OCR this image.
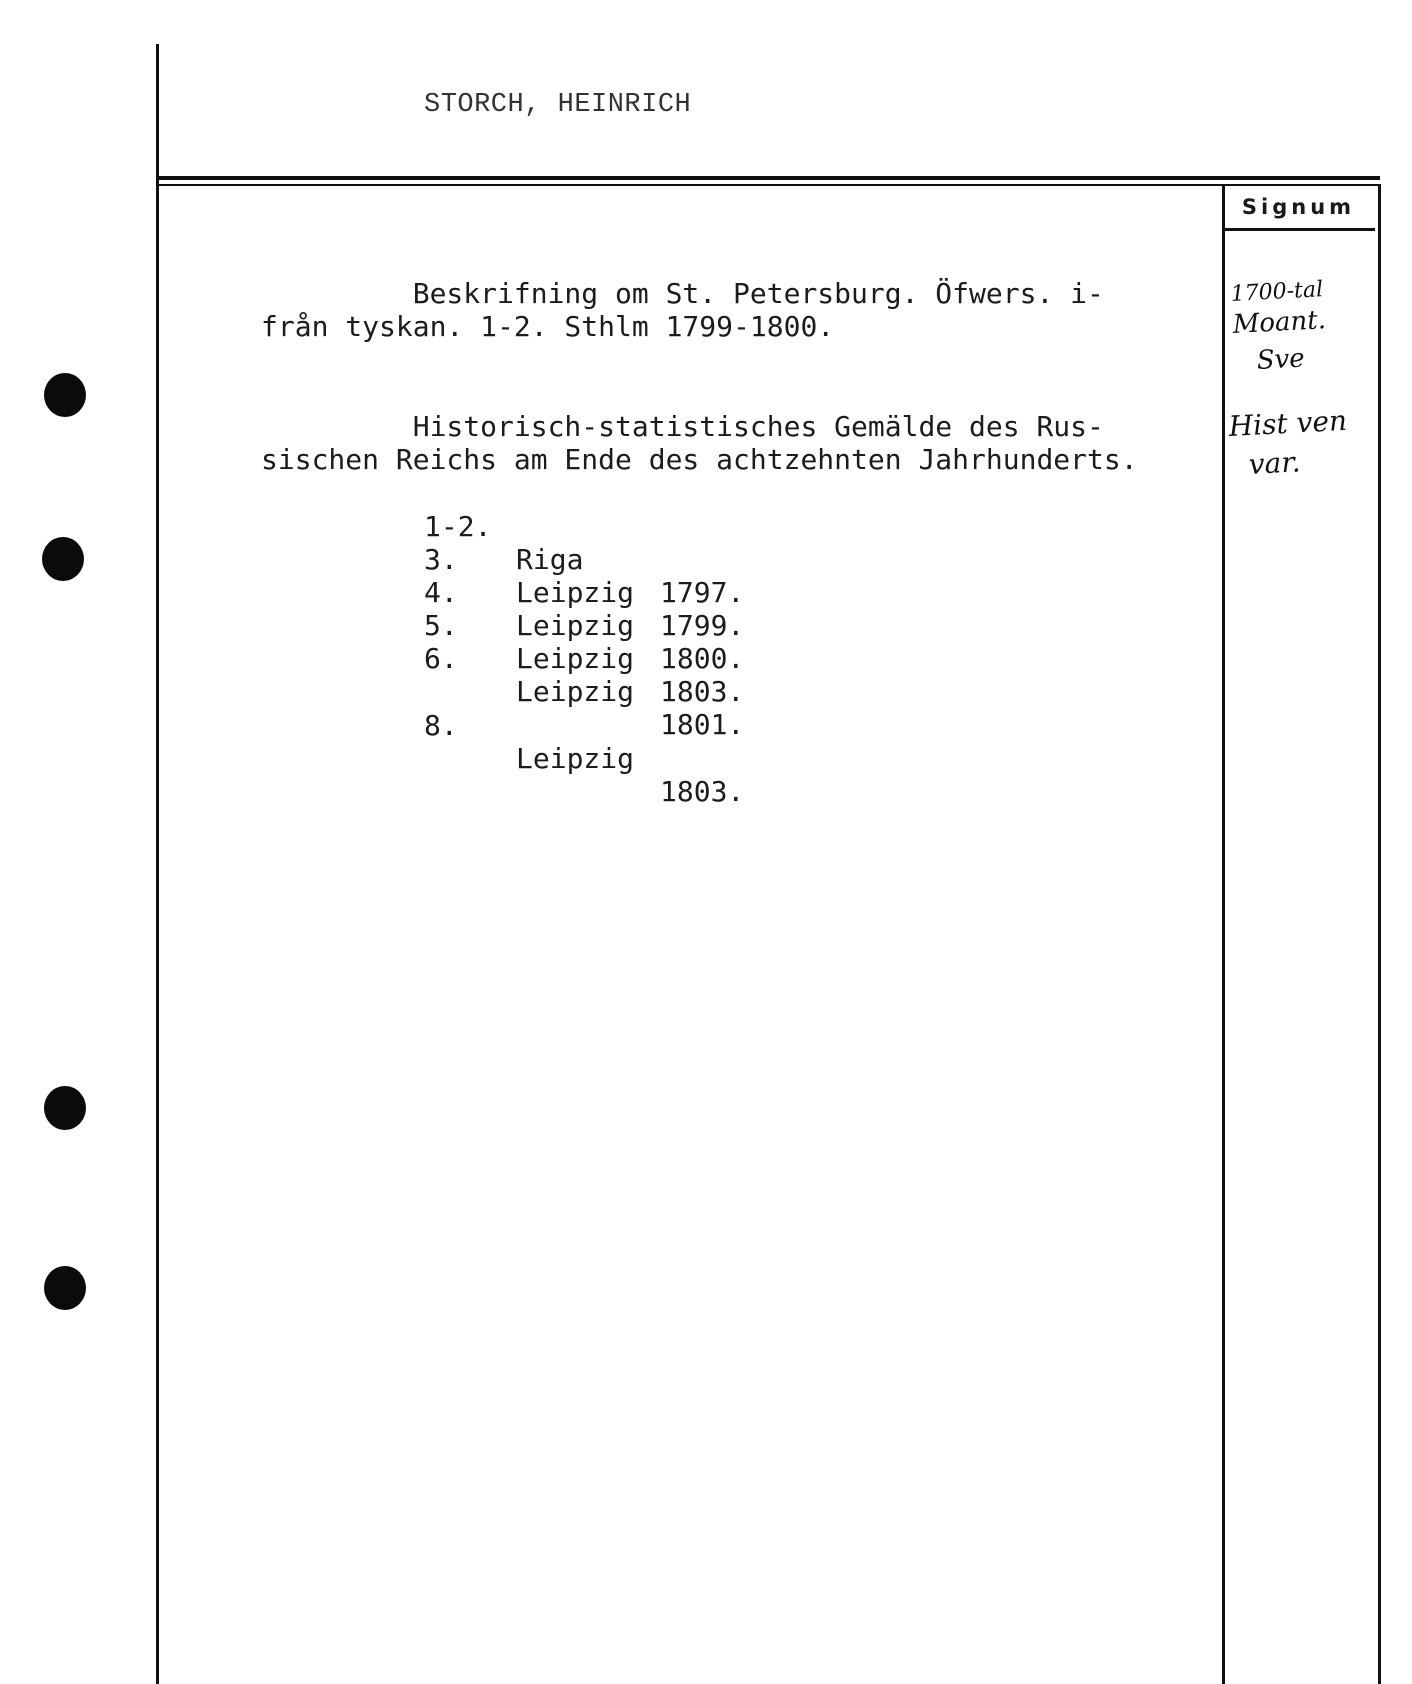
STORCH, HEINRICH
Signum
Beskrifning om St. Petersburg. Öfwers. i-
från tyskan. 1-2. Sthlm 1799-1800.
1700-tal
Moant.
Sve
Historisch-statistisches Gemälde des Rus-
sischen Reichs am Ende des achtzehnten Jahrhunderts.
Hist ven
var.

1-2.

Riga

1797.

3.

Leipzig

1799.

4.

Leipzig

1800.

5.

Leipzig

1803.

6.

Leipzig

1801.

8.

Leipzig

1803.
